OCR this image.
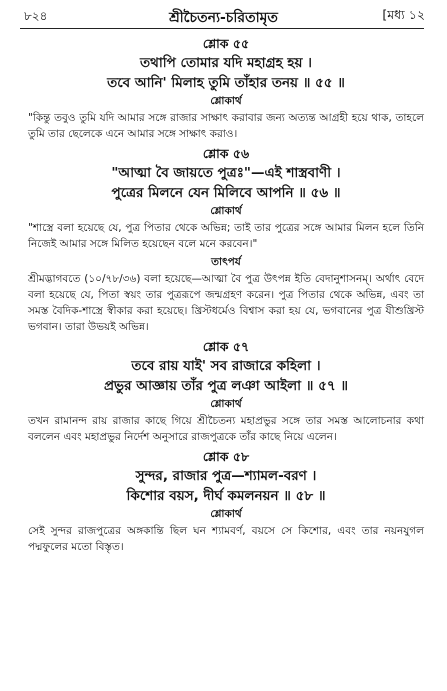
৮২৪	শ্রীচৈতন্য-চরিতামৃত	[মধ্য ১২
শ্লোক ৫৫
তথাপি তোমার যদি মহাগ্রহ হয় ।
তবে আনি' মিলাহ তুমি তাঁহার তনয় ॥ ৫৫ ॥
শ্লোকার্থ

"কিন্তু তবুও তুমি যদি আমার সঙ্গে রাজার সাক্ষাৎ করাবার জন্য অত্যন্ত আগ্রহী হয়ে থাক, তাহলে তুমি তার ছেলেকে এনে আমার সঙ্গে সাক্ষাৎ করাও।

শ্লোক ৫৬
"আত্মা বৈ জায়তে পুত্রঃ"—এই শাস্ত্রবাণী ।
পুত্রের মিলনে যেন মিলিবে আপনি ॥ ৫৬ ॥
শ্লোকার্থ

"শাস্ত্রে বলা হয়েছে যে, পুত্র পিতার থেকে অভিন্ন; তাই তার পুত্রের সঙ্গে আমার মিলন হলে তিনি নিজেই আমার সঙ্গে মিলিত হয়েছেন বলে মনে করবেন।"

তাৎপর্য

শ্রীমদ্ভাগবতে (১০/৭৮/৩৬) বলা হয়েছে—আত্মা বৈ পুত্র উৎপন্ন ইতি বেদানুশাসনম্। অর্থাৎ বেদে বলা হয়েছে যে, পিতা স্বয়ং তার পুত্ররূপে জন্মগ্রহণ করেন। পুত্র পিতার থেকে অভিন্ন, এবং তা সমস্ত বৈদিক-শাস্ত্রে স্বীকার করা হয়েছে। খ্রিস্টধর্মেও বিশ্বাস করা হয় যে, ভগবানের পুত্র যীশুখ্রিস্ট ভগবান। তারা উভয়ই অভিন্ন।

শ্লোক ৫৭
তবে রায় যাই' সব রাজারে কহিলা ।
প্রভুর আজ্ঞায় তাঁর পুত্র লঞা আইলা ॥ ৫৭ ॥
শ্লোকার্থ

তখন রামানন্দ রায় রাজার কাছে গিয়ে শ্রীচৈতন্য মহাপ্রভুর সঙ্গে তার সমস্ত আলোচনার কথা বললেন এবং মহাপ্রভুর নির্দেশ অনুসারে রাজপুত্রকে তাঁর কাছে নিয়ে এলেন।

শ্লোক ৫৮
সুন্দর, রাজার পুত্র—শ্যামল-বরণ ।
কিশোর বয়স, দীর্ঘ কমলনয়ন ॥ ৫৮ ॥
শ্লোকার্থ

সেই সুন্দর রাজপুত্রের অঙ্গকান্তি ছিল ঘন শ্যামবর্ণ, বয়সে সে কিশোর, এবং তার নয়নযুগল পদ্মফুলের মতো বিস্তৃত।
